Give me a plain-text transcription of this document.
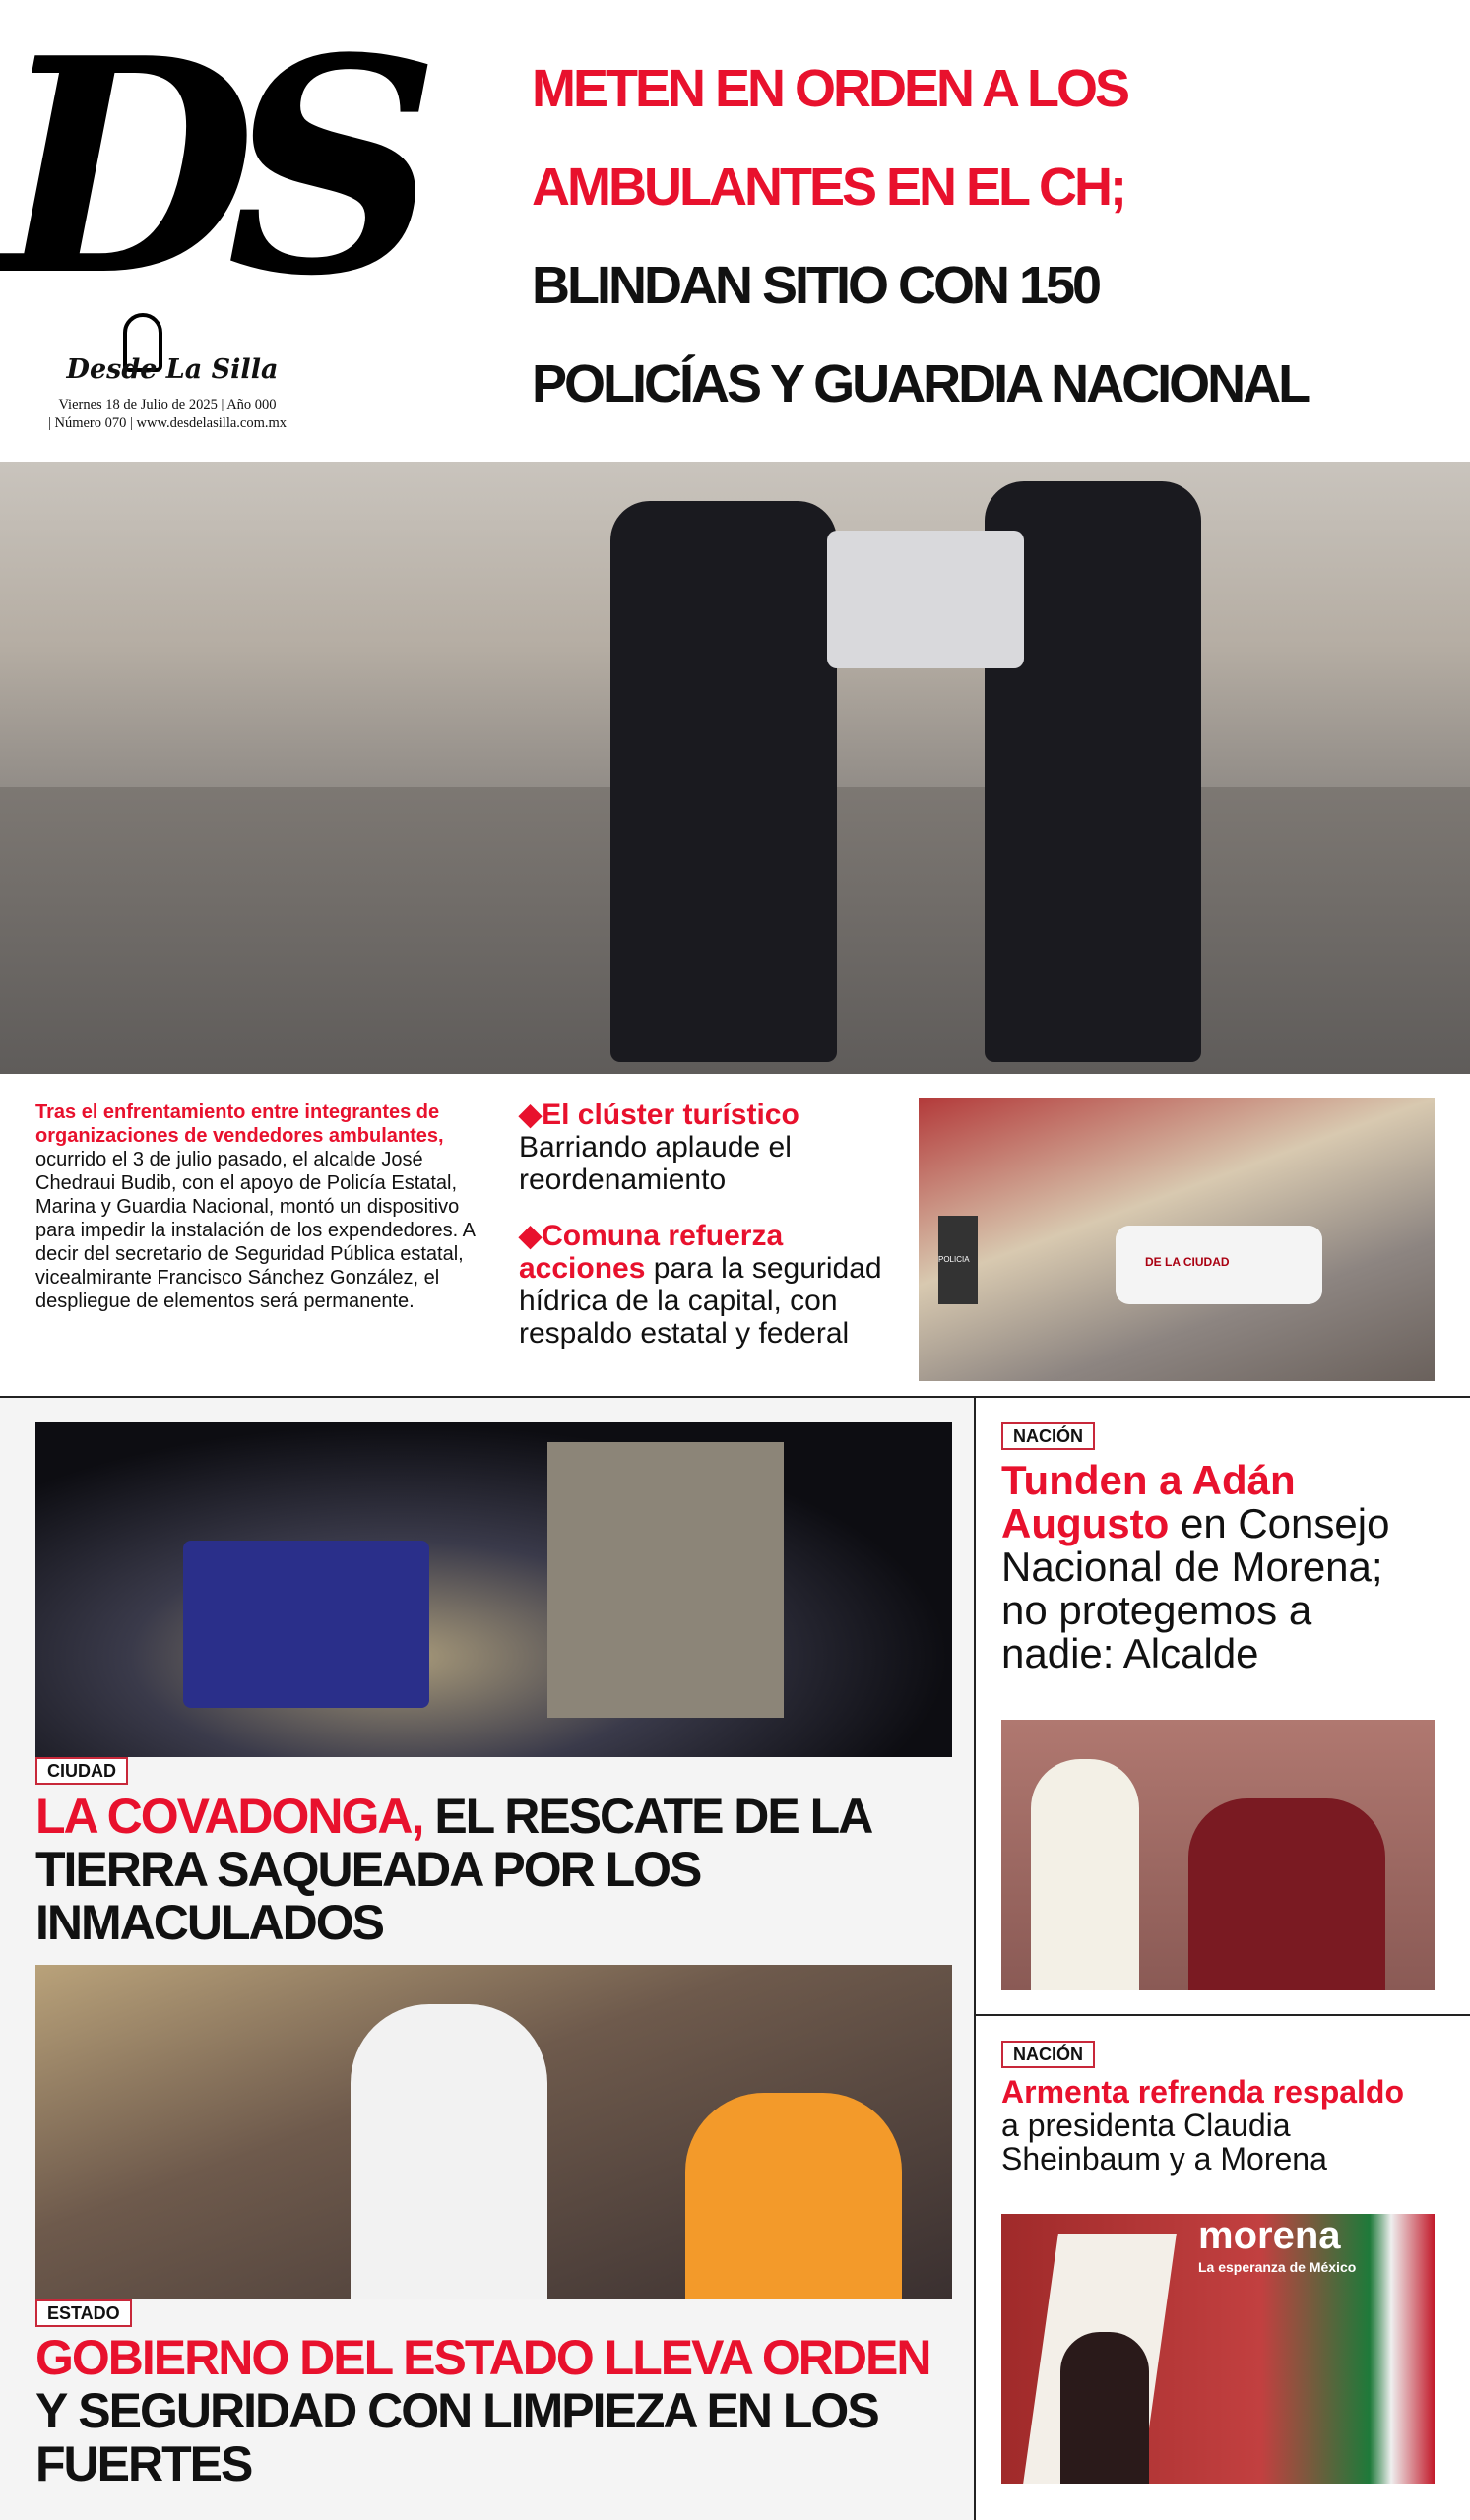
DS
Desde La Silla
Viernes 18 de Julio de 2025 | Año 000
| Número 070 | www.desdelasilla.com.mx
METEN EN ORDEN A LOS
AMBULANTES EN EL CH;
BLINDAN SITIO CON 150
POLICÍAS Y GUARDIA NACIONAL
Tras el enfrentamiento entre integrantes de organizaciones de vendedores ambulantes, ocurrido el 3 de julio pasado, el alcalde José Chedraui Budib, con el apoyo de Policía Estatal, Marina y Guardia Nacional, montó un dispositivo para impedir la instalación de los expendedores. A decir del secretario de Seguridad Pública estatal, vicealmirante Francisco Sánchez González, el despliegue de elementos será permanente.

◆El clúster turístico
Barriando aplaude el reordenamiento

◆Comuna refuerza acciones para la seguridad hídrica de la capital, con respaldo estatal y federal

DE LA CIUDAD
POLICIA
CIUDAD
LA COVADONGA, EL RESCATE DE LA TIERRA SAQUEADA POR LOS INMACULADOS
ESTADO
GOBIERNO DEL ESTADO LLEVA ORDEN Y SEGURIDAD CON LIMPIEZA EN LOS FUERTES
NACIÓN
Tunden a Adán Augusto en Consejo Nacional de Morena; no protegemos a nadie: Alcalde
NACIÓN
Armenta refrenda respaldo
a presidenta Claudia Sheinbaum y a Morena
morena
La esperanza de México
